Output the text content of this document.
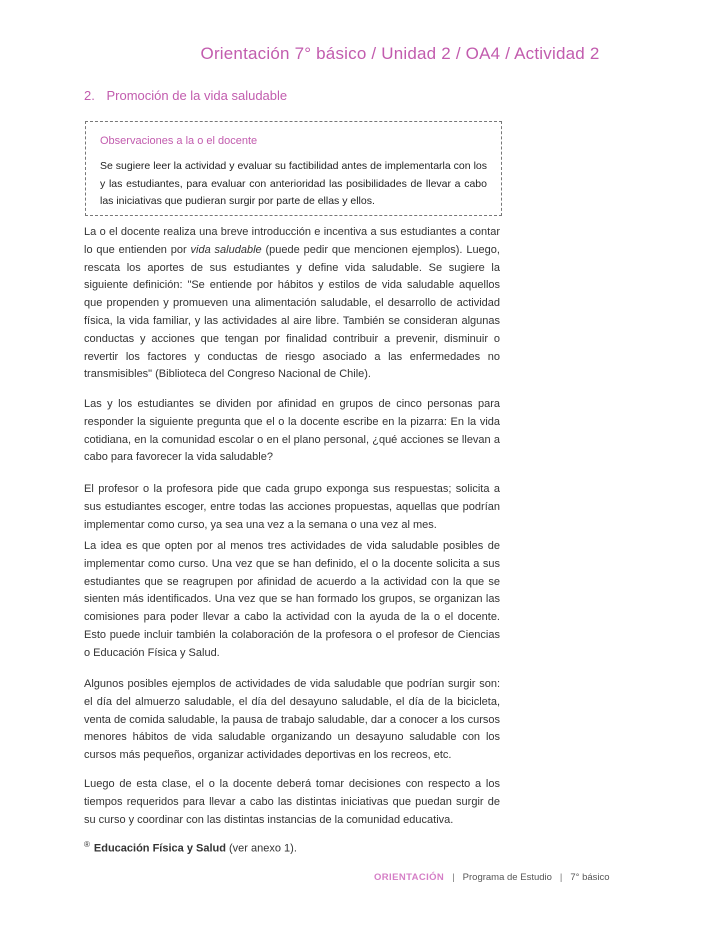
Orientación 7° básico / Unidad 2 / OA4 / Actividad 2
2. Promoción de la vida saludable
Observaciones a la o el docente
Se sugiere leer la actividad y evaluar su factibilidad antes de implementarla con los y las estudiantes, para evaluar con anterioridad las posibilidades de llevar a cabo las iniciativas que pudieran surgir por parte de ellas y ellos.

La o el docente realiza una breve introducción e incentiva a sus estudiantes a contar lo que entienden por vida saludable (puede pedir que mencionen ejemplos). Luego, rescata los aportes de sus estudiantes y define vida saludable. Se sugiere la siguiente definición: "Se entiende por hábitos y estilos de vida saludable aquellos que propenden y promueven una alimentación saludable, el desarrollo de actividad física, la vida familiar, y las actividades al aire libre. También se consideran algunas conductas y acciones que tengan por finalidad contribuir a prevenir, disminuir o revertir los factores y conductas de riesgo asociado a las enfermedades no transmisibles" (Biblioteca del Congreso Nacional de Chile).

Las y los estudiantes se dividen por afinidad en grupos de cinco personas para responder la siguiente pregunta que el o la docente escribe en la pizarra: En la vida cotidiana, en la comunidad escolar o en el plano personal, ¿qué acciones se llevan a cabo para favorecer la vida saludable?

El profesor o la profesora pide que cada grupo exponga sus respuestas; solicita a sus estudiantes escoger, entre todas las acciones propuestas, aquellas que podrían implementar como curso, ya sea una vez a la semana o una vez al mes.

La idea es que opten por al menos tres actividades de vida saludable posibles de implementar como curso. Una vez que se han definido, el o la docente solicita a sus estudiantes que se reagrupen por afinidad de acuerdo a la actividad con la que se sienten más identificados. Una vez que se han formado los grupos, se organizan las comisiones para poder llevar a cabo la actividad con la ayuda de la o el docente. Esto puede incluir también la colaboración de la profesora o el profesor de Ciencias o Educación Física y Salud.

Algunos posibles ejemplos de actividades de vida saludable que podrían surgir son: el día del almuerzo saludable, el día del desayuno saludable, el día de la bicicleta, venta de comida saludable, la pausa de trabajo saludable, dar a conocer a los cursos menores hábitos de vida saludable organizando un desayuno saludable con los cursos más pequeños, organizar actividades deportivas en los recreos, etc.

Luego de esta clase, el o la docente deberá tomar decisiones con respecto a los tiempos requeridos para llevar a cabo las distintas iniciativas que puedan surgir de su curso y coordinar con las distintas instancias de la comunidad educativa.

® Educación Física y Salud (ver anexo 1).
ORIENTACIÓN | Programa de Estudio | 7° básico
